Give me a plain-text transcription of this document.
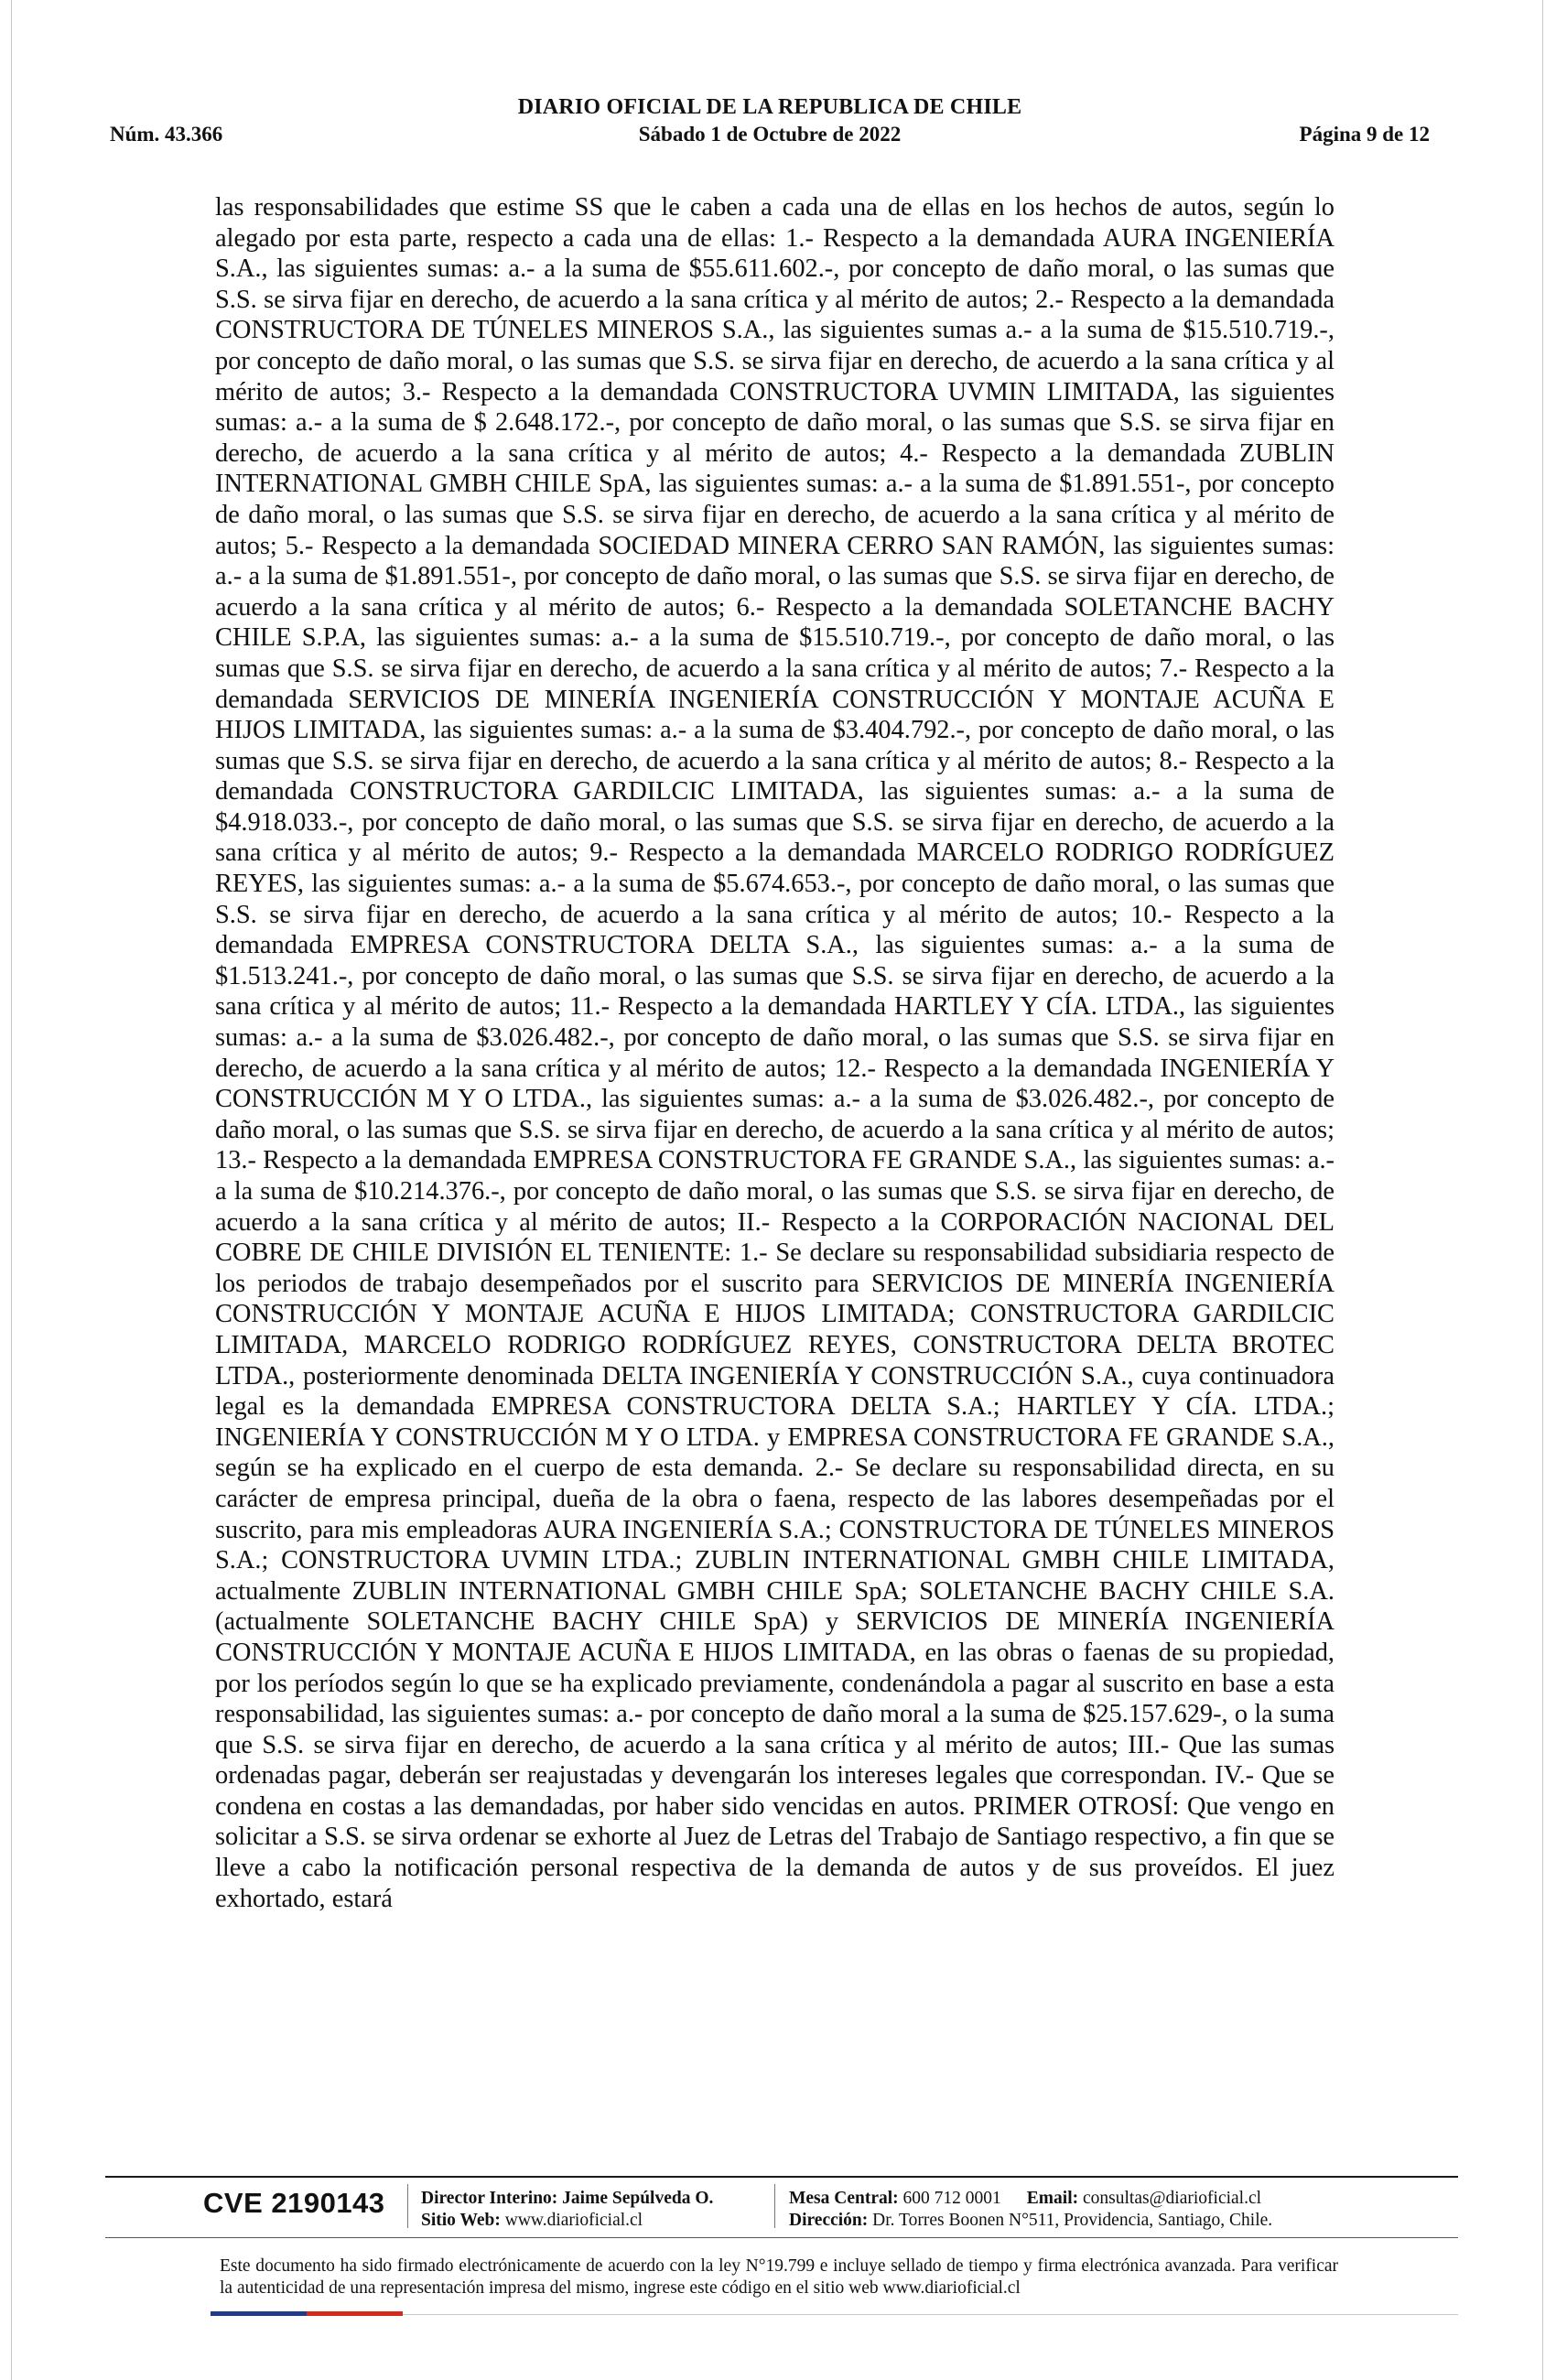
DIARIO OFICIAL DE LA REPUBLICA DE CHILE
Núm. 43.366	Sábado 1 de Octubre de 2022	Página 9 de 12

las responsabilidades que estime SS que le caben a cada una de ellas en los hechos de autos, según lo alegado por esta parte, respecto a cada una de ellas: 1.- Respecto a la demandada AURA INGENIERÍA S.A., las siguientes sumas: a.- a la suma de $55.611.602.-, por concepto de daño moral, o las sumas que S.S. se sirva fijar en derecho, de acuerdo a la sana crítica y al mérito de autos; 2.- Respecto a la demandada CONSTRUCTORA DE TÚNELES MINEROS S.A., las siguientes sumas a.- a la suma de $15.510.719.-, por concepto de daño moral, o las sumas que S.S. se sirva fijar en derecho, de acuerdo a la sana crítica y al mérito de autos; 3.- Respecto a la demandada CONSTRUCTORA UVMIN LIMITADA, las siguientes sumas: a.- a la suma de $ 2.648.172.-, por concepto de daño moral, o las sumas que S.S. se sirva fijar en derecho, de acuerdo a la sana crítica y al mérito de autos; 4.- Respecto a la demandada ZUBLIN INTERNATIONAL GMBH CHILE SpA, las siguientes sumas: a.- a la suma de $1.891.551-, por concepto de daño moral, o las sumas que S.S. se sirva fijar en derecho, de acuerdo a la sana crítica y al mérito de autos; 5.- Respecto a la demandada SOCIEDAD MINERA CERRO SAN RAMÓN, las siguientes sumas: a.- a la suma de $1.891.551-, por concepto de daño moral, o las sumas que S.S. se sirva fijar en derecho, de acuerdo a la sana crítica y al mérito de autos; 6.- Respecto a la demandada SOLETANCHE BACHY CHILE S.P.A, las siguientes sumas: a.- a la suma de $15.510.719.-, por concepto de daño moral, o las sumas que S.S. se sirva fijar en derecho, de acuerdo a la sana crítica y al mérito de autos; 7.- Respecto a la demandada SERVICIOS DE MINERÍA INGENIERÍA CONSTRUCCIÓN Y MONTAJE ACUÑA E HIJOS LIMITADA, las siguientes sumas: a.- a la suma de $3.404.792.-, por concepto de daño moral, o las sumas que S.S. se sirva fijar en derecho, de acuerdo a la sana crítica y al mérito de autos; 8.- Respecto a la demandada CONSTRUCTORA GARDILCIC LIMITADA, las siguientes sumas: a.- a la suma de $4.918.033.-, por concepto de daño moral, o las sumas que S.S. se sirva fijar en derecho, de acuerdo a la sana crítica y al mérito de autos; 9.- Respecto a la demandada MARCELO RODRIGO RODRÍGUEZ REYES, las siguientes sumas: a.- a la suma de $5.674.653.-, por concepto de daño moral, o las sumas que S.S. se sirva fijar en derecho, de acuerdo a la sana crítica y al mérito de autos; 10.- Respecto a la demandada EMPRESA CONSTRUCTORA DELTA S.A., las siguientes sumas: a.- a la suma de $1.513.241.-, por concepto de daño moral, o las sumas que S.S. se sirva fijar en derecho, de acuerdo a la sana crítica y al mérito de autos; 11.- Respecto a la demandada HARTLEY Y CÍA. LTDA., las siguientes sumas: a.- a la suma de $3.026.482.-, por concepto de daño moral, o las sumas que S.S. se sirva fijar en derecho, de acuerdo a la sana crítica y al mérito de autos; 12.- Respecto a la demandada INGENIERÍA Y CONSTRUCCIÓN M Y O LTDA., las siguientes sumas: a.- a la suma de $3.026.482.-, por concepto de daño moral, o las sumas que S.S. se sirva fijar en derecho, de acuerdo a la sana crítica y al mérito de autos; 13.- Respecto a la demandada EMPRESA CONSTRUCTORA FE GRANDE S.A., las siguientes sumas: a.- a la suma de $10.214.376.-, por concepto de daño moral, o las sumas que S.S. se sirva fijar en derecho, de acuerdo a la sana crítica y al mérito de autos; II.- Respecto a la CORPORACIÓN NACIONAL DEL COBRE DE CHILE DIVISIÓN EL TENIENTE: 1.- Se declare su responsabilidad subsidiaria respecto de los periodos de trabajo desempeñados por el suscrito para SERVICIOS DE MINERÍA INGENIERÍA CONSTRUCCIÓN Y MONTAJE ACUÑA E HIJOS LIMITADA; CONSTRUCTORA GARDILCIC LIMITADA, MARCELO RODRIGO RODRÍGUEZ REYES, CONSTRUCTORA DELTA BROTEC LTDA., posteriormente denominada DELTA INGENIERÍA Y CONSTRUCCIÓN S.A., cuya continuadora legal es la demandada EMPRESA CONSTRUCTORA DELTA S.A.; HARTLEY Y CÍA. LTDA.; INGENIERÍA Y CONSTRUCCIÓN M Y O LTDA. y EMPRESA CONSTRUCTORA FE GRANDE S.A., según se ha explicado en el cuerpo de esta demanda. 2.- Se declare su responsabilidad directa, en su carácter de empresa principal, dueña de la obra o faena, respecto de las labores desempeñadas por el suscrito, para mis empleadoras AURA INGENIERÍA S.A.; CONSTRUCTORA DE TÚNELES MINEROS S.A.; CONSTRUCTORA UVMIN LTDA.; ZUBLIN INTERNATIONAL GMBH CHILE LIMITADA, actualmente ZUBLIN INTERNATIONAL GMBH CHILE SpA; SOLETANCHE BACHY CHILE S.A. (actualmente SOLETANCHE BACHY CHILE SpA) y SERVICIOS DE MINERÍA INGENIERÍA CONSTRUCCIÓN Y MONTAJE ACUÑA E HIJOS LIMITADA, en las obras o faenas de su propiedad, por los períodos según lo que se ha explicado previamente, condenándola a pagar al suscrito en base a esta responsabilidad, las siguientes sumas: a.- por concepto de daño moral a la suma de $25.157.629-, o la suma que S.S. se sirva fijar en derecho, de acuerdo a la sana crítica y al mérito de autos; III.- Que las sumas ordenadas pagar, deberán ser reajustadas y devengarán los intereses legales que correspondan. IV.- Que se condena en costas a las demandadas, por haber sido vencidas en autos. PRIMER OTROSÍ: Que vengo en solicitar a S.S. se sirva ordenar se exhorte al Juez de Letras del Trabajo de Santiago respectivo, a fin que se lleve a cabo la notificación personal respectiva de la demanda de autos y de sus proveídos. El juez exhortado, estará

CVE 2190143 Director Interino: Jaime Sepúlveda O.
Sitio Web: www.diarioficial.cl
Mesa Central: 600 712 0001 Email: consultas@diarioficial.cl
Dirección: Dr. Torres Boonen N°511, Providencia, Santiago, Chile.
Este documento ha sido firmado electrónicamente de acuerdo con la ley N°19.799 e incluye sellado de tiempo y firma electrónica avanzada. Para verificar la autenticidad de una representación impresa del mismo, ingrese este código en el sitio web www.diarioficial.cl
